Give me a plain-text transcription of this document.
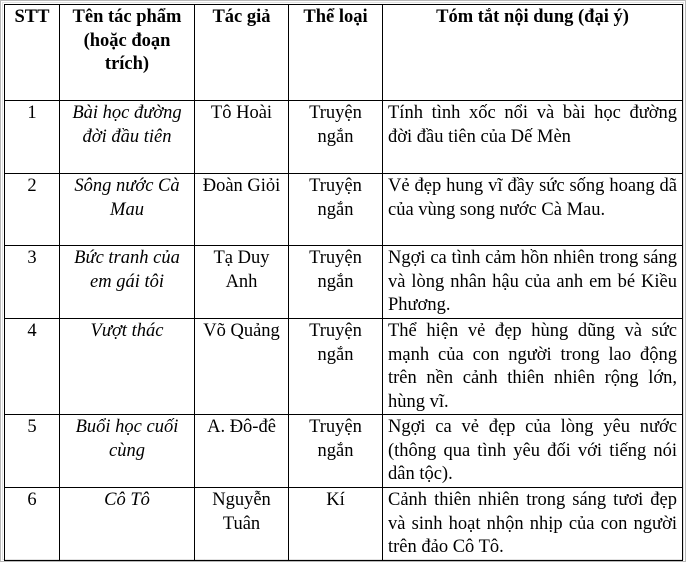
STT	Tên tác phẩm (hoặc đoạn trích)	Tác giả	Thể loại	Tóm tắt nội dung (đại ý)
1	Bài học đường đời đầu tiên	Tô Hoài	Truyện ngắn	Tính tình xốc nổi và bài học đường đời đầu tiên của Dế Mèn
2	Sông nước Cà Mau	Đoàn Giỏi	Truyện ngắn	Vẻ đẹp hung vĩ đầy sức sống hoang dã của vùng song nước Cà Mau.
3	Bức tranh của em gái tôi	Tạ Duy Anh	Truyện ngắn	Ngợi ca tình cảm hồn nhiên trong sáng và lòng nhân hậu của anh em bé Kiều Phương.
4	Vượt thác	Võ Quảng	Truyện ngắn	Thể hiện vẻ đẹp hùng dũng và sức mạnh của con người trong lao động trên nền cảnh thiên nhiên rộng lớn, hùng vĩ.
5	Buổi học cuối cùng	A. Đô-đê	Truyện ngắn	Ngợi ca vẻ đẹp của lòng yêu nước (thông qua tình yêu đối với tiếng nói dân tộc).
6	Cô Tô	Nguyễn Tuân	Kí	Cảnh thiên nhiên trong sáng tươi đẹp và sinh hoạt nhộn nhịp của con người trên đảo Cô Tô.
